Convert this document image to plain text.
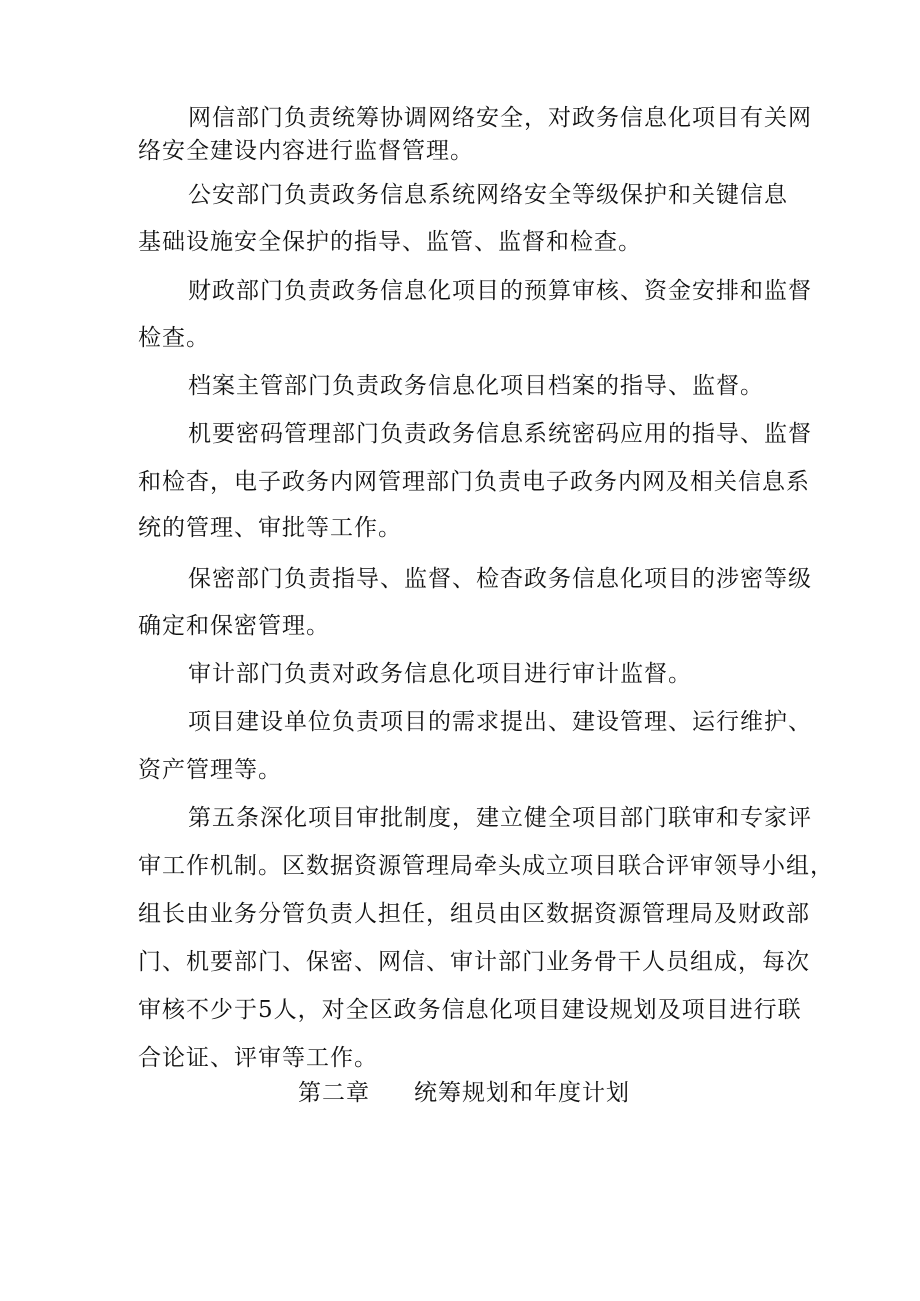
网信部门负责统筹协调网络安全，对政务信息化项目有关网
络安全建设内容进行监督管理。
公安部门负责政务信息系统网络安全等级保护和关键信息
基础设施安全保护的指导、监管、监督和检查。
财政部门负责政务信息化项目的预算审核、资金安排和监督
检查。
档案主管部门负责政务信息化项目档案的指导、监督。
机要密码管理部门负责政务信息系统密码应用的指导、监督
和检杳，电子政务内网管理部门负责电子政务内网及相关信息系
统的管理、审批等工作。
保密部门负责指导、监督、检杳政务信息化项目的涉密等级
确定和保密管理。
审计部门负责对政务信息化项目进行审计监督。
项目建设单位负责项目的需求提出、建设管理、运行维护、
资产管理等。
第五条深化项目审批制度，建立健全项目部门联审和专家评
审工作机制。区数据资源管理局牵头成立项目联合评审领导小组，
组长由业务分管负责人担任，组员由区数据资源管理局及财政部
门、机要部门、保密、网信、审计部门业务骨干人员组成，每次
审核不少于5人，对全区政务信息化项目建设规划及项目进行联
合论证、评审等工作。
第二章 统筹规划和年度计划
